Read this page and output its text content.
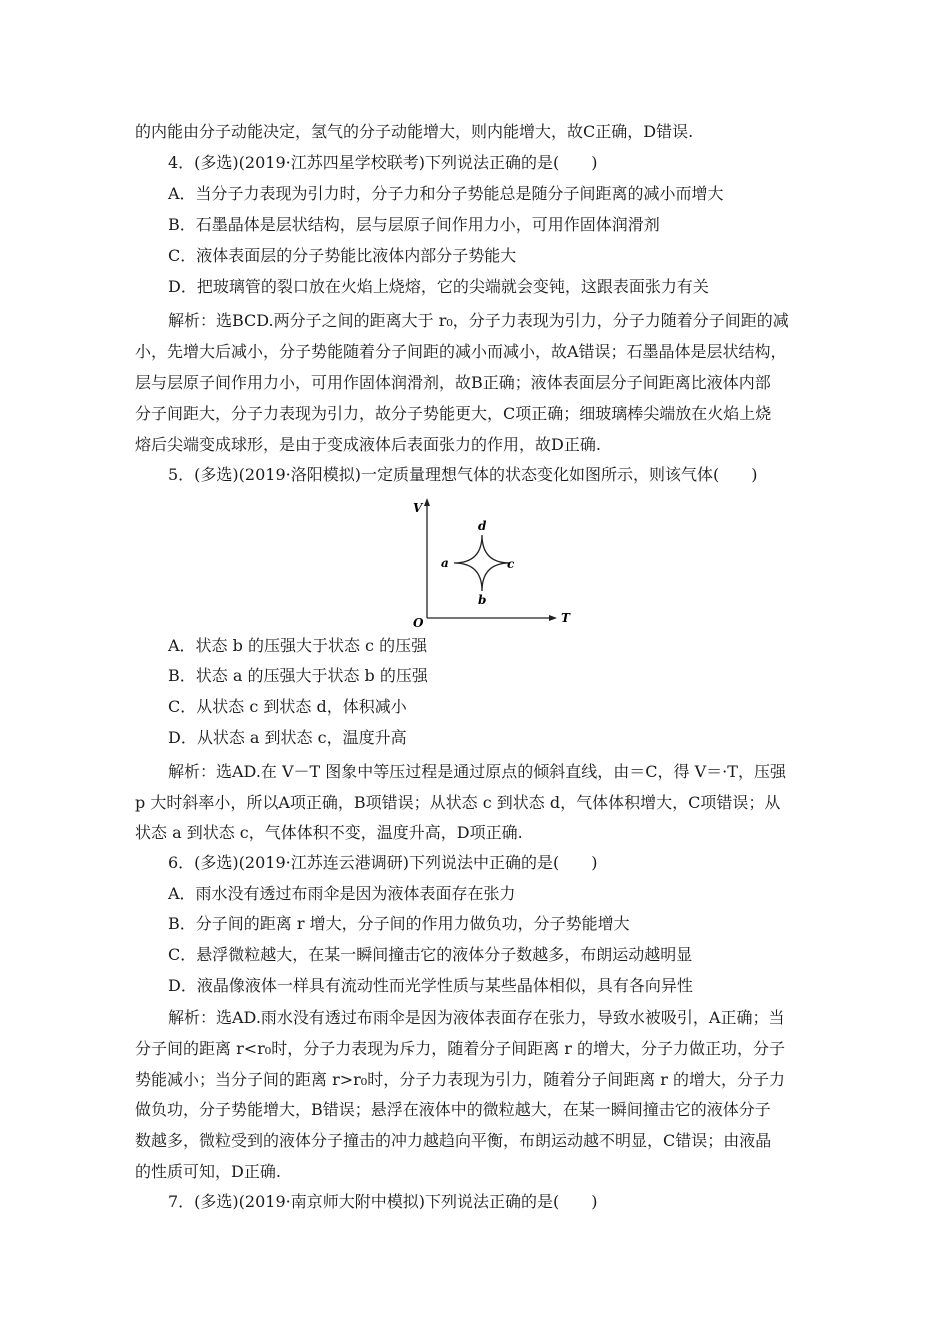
的内能由分子动能决定，氢气的分子动能增大，则内能增大，故C正确，D错误.
4．(多选)(2019·江苏四星学校联考)下列说法正确的是(　　)
A．当分子力表现为引力时，分子力和分子势能总是随分子间距离的减小而增大
B．石墨晶体是层状结构，层与层原子间作用力小，可用作固体润滑剂
C．液体表面层的分子势能比液体内部分子势能大
D．把玻璃管的裂口放在火焰上烧熔，它的尖端就会变钝，这跟表面张力有关
解析：选BCD.两分子之间的距离大于 r₀，分子力表现为引力，分子力随着分子间距的减
小，先增大后减小，分子势能随着分子间距的减小而减小，故A错误；石墨晶体是层状结构，
层与层原子间作用力小，可用作固体润滑剂，故B正确；液体表面层分子间距离比液体内部
分子间距大，分子力表现为引力，故分子势能更大，C项正确；细玻璃棒尖端放在火焰上烧
熔后尖端变成球形，是由于变成液体后表面张力的作用，故D正确.
5．(多选)(2019·洛阳模拟)一定质量理想气体的状态变化如图所示，则该气体(　　)
V
T
O
a
b
c
d
A．状态 b 的压强大于状态 c 的压强
B．状态 a 的压强大于状态 b 的压强
C．从状态 c 到状态 d，体积减小
D．从状态 a 到状态 c，温度升高
解析：选AD.在 V－T 图象中等压过程是通过原点的倾斜直线，由＝C，得 V＝·T，压强
p 大时斜率小，所以A项正确，B项错误；从状态 c 到状态 d，气体体积增大，C项错误；从
状态 a 到状态 c，气体体积不变，温度升高，D项正确.
6．(多选)(2019·江苏连云港调研)下列说法中正确的是(　　)
A．雨水没有透过布雨伞是因为液体表面存在张力
B．分子间的距离 r 增大，分子间的作用力做负功，分子势能增大
C．悬浮微粒越大，在某一瞬间撞击它的液体分子数越多，布朗运动越明显
D．液晶像液体一样具有流动性而光学性质与某些晶体相似，具有各向异性
解析：选AD.雨水没有透过布雨伞是因为液体表面存在张力，导致水被吸引，A正确；当
分子间的距离 r<r₀时，分子力表现为斥力，随着分子间距离 r 的增大，分子力做正功，分子
势能减小；当分子间的距离 r>r₀时，分子力表现为引力，随着分子间距离 r 的增大，分子力
做负功，分子势能增大，B错误；悬浮在液体中的微粒越大，在某一瞬间撞击它的液体分子
数越多，微粒受到的液体分子撞击的冲力越趋向平衡，布朗运动越不明显，C错误；由液晶
的性质可知，D正确.
7．(多选)(2019·南京师大附中模拟)下列说法正确的是(　　)
